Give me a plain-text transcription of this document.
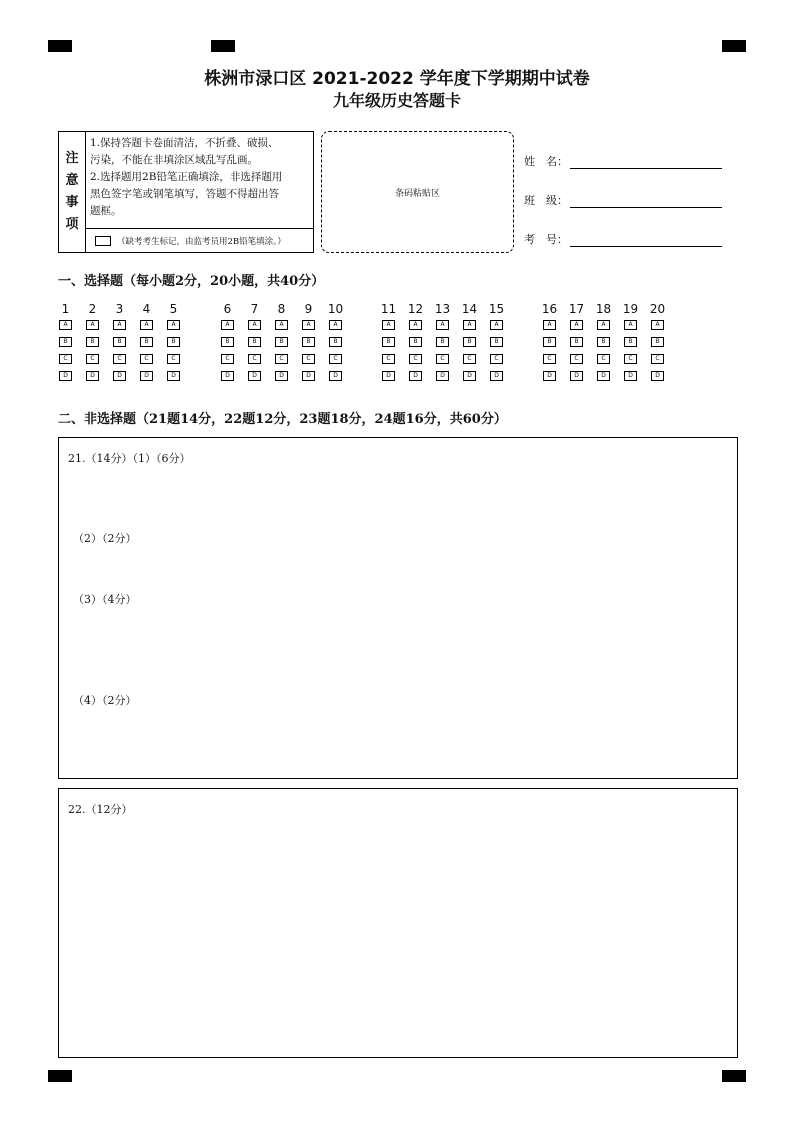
株洲市渌口区 2021-2022 学年度下学期期中试卷
九年级历史答题卡
注
意
事
项
1.保持答题卡卷面清洁，不折叠、破损、
污染，不能在非填涂区域乱写乱画。
2.选择题用2B铅笔正确填涂，非选择题用
黑色签字笔或钢笔填写，答题不得超出答
题框。
（缺考考生标记，由监考员用2B铅笔填涂。）
条码粘贴区
姓　名：
班　级：
考　号：
一、选择题（每小题2分，20小题，共40分）
1
A
B
C
D
2
A
B
C
D
3
A
B
C
D
4
A
B
C
D
5
A
B
C
D
6
A
B
C
D
7
A
B
C
D
8
A
B
C
D
9
A
B
C
D
10
A
B
C
D
11
A
B
C
D
12
A
B
C
D
13
A
B
C
D
14
A
B
C
D
15
A
B
C
D
16
A
B
C
D
17
A
B
C
D
18
A
B
C
D
19
A
B
C
D
20
A
B
C
D
二、非选择题（21题14分，22题12分，23题18分，24题16分，共60分）
21.（14分）（1）（6分）
（2）（2分）
（3）（4分）
（4）（2分）
22.（12分）
